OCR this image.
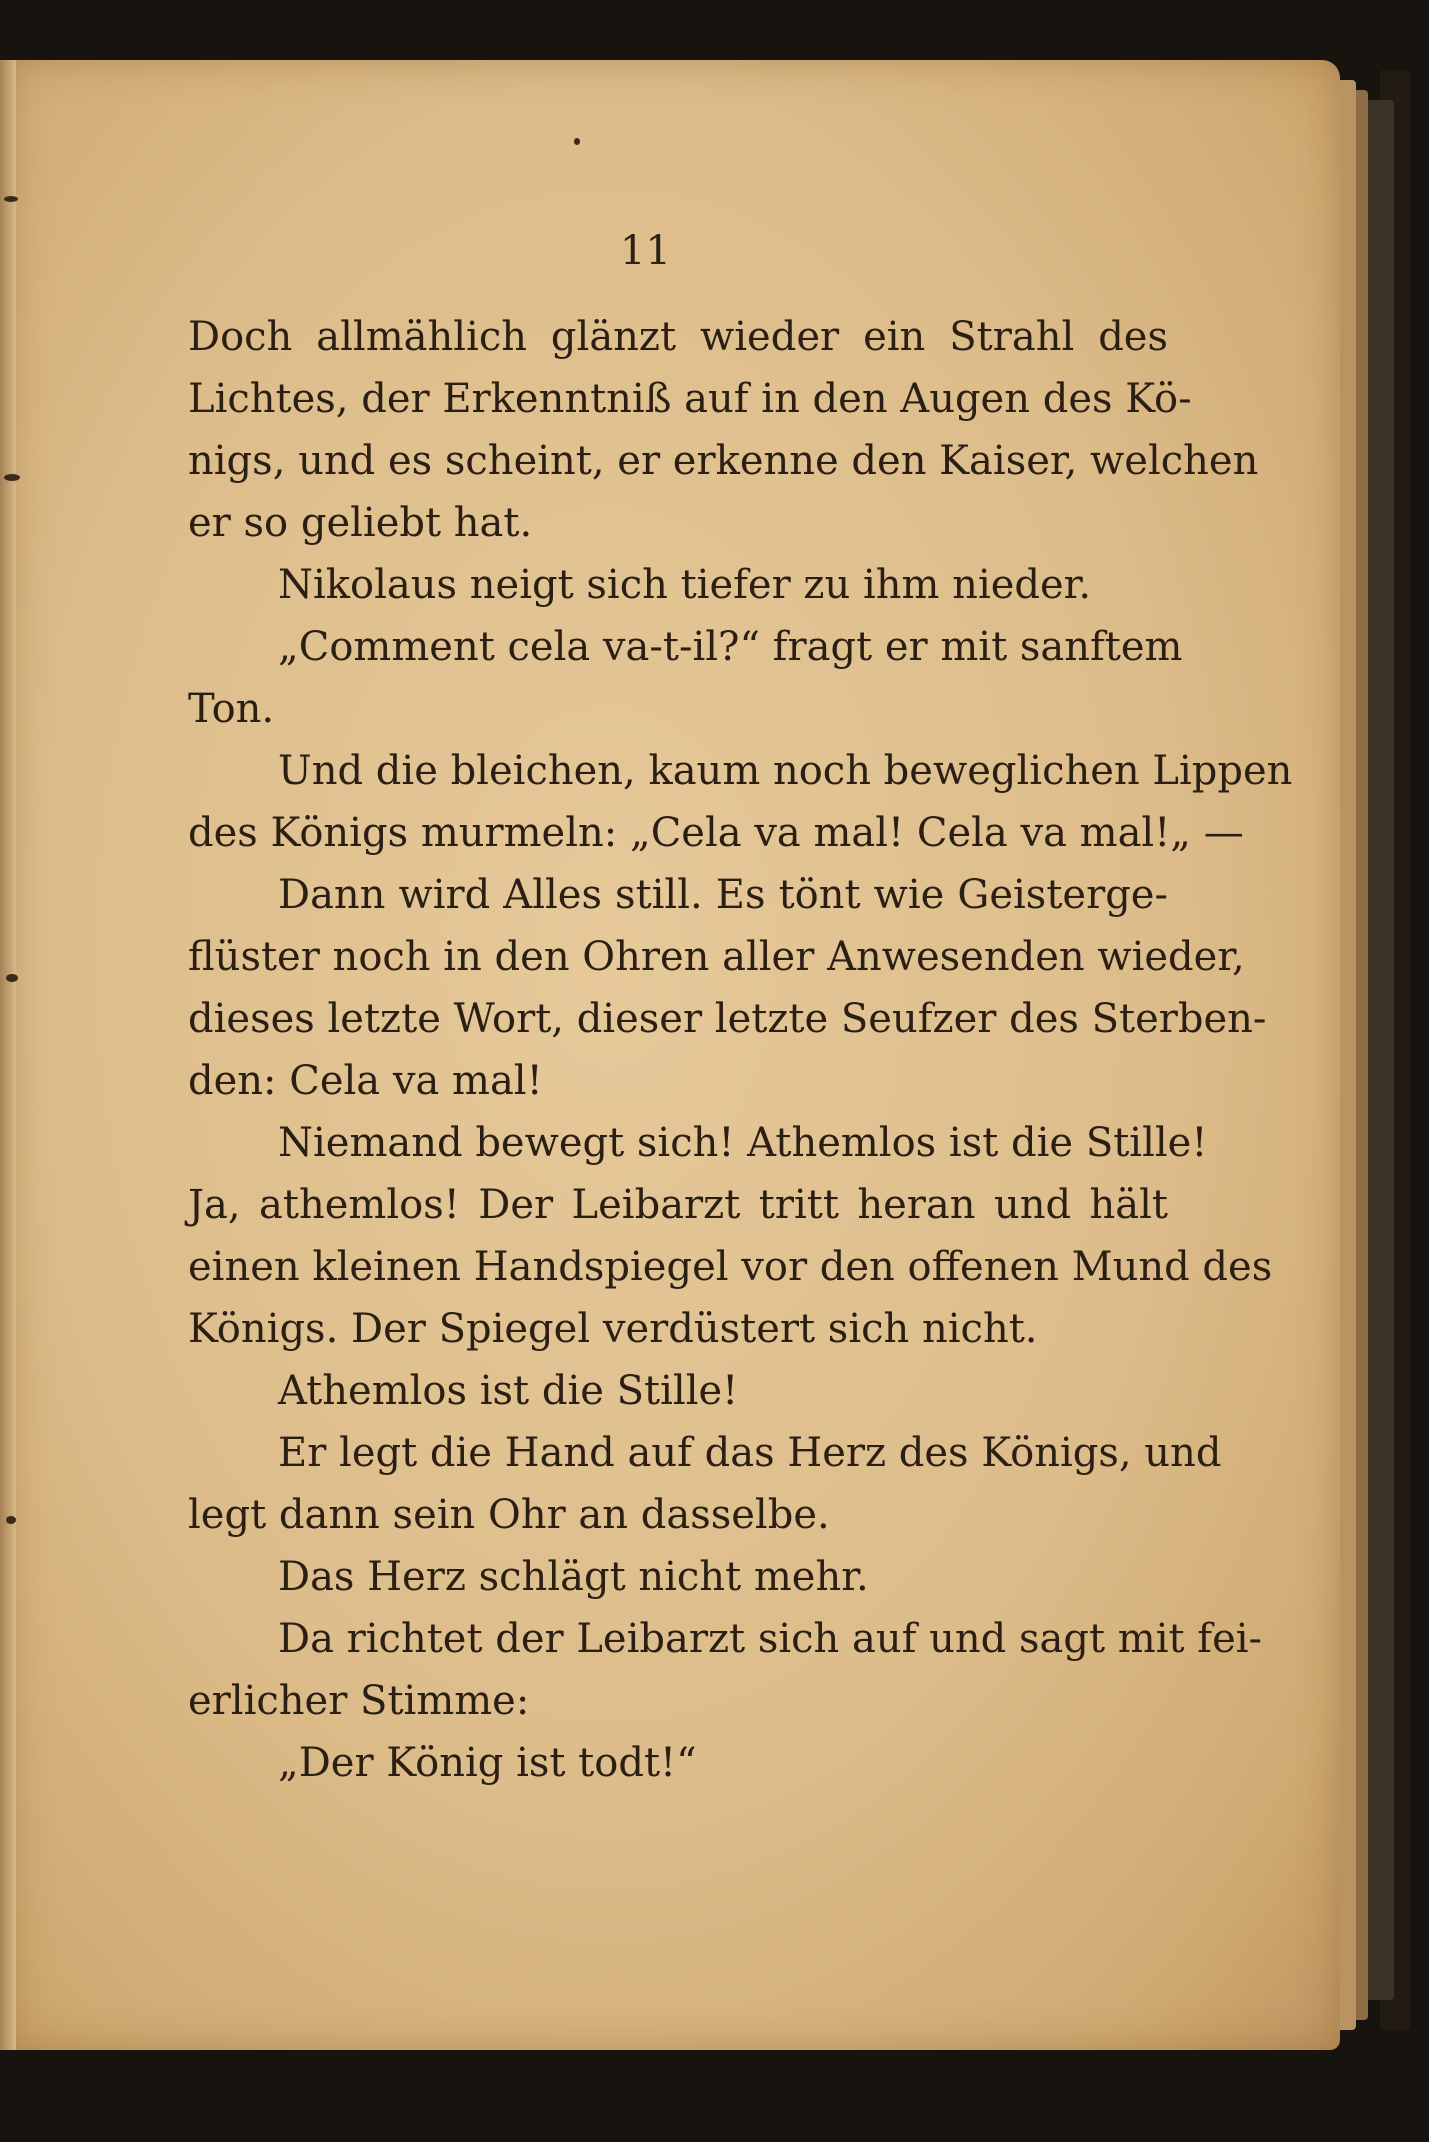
11
Doch allmählich glänzt wieder ein Strahl des
Lichtes, der Erkenntniß auf in den Augen des Kö-
nigs, und es scheint, er erkenne den Kaiser, welchen
er so geliebt hat.
Nikolaus neigt sich tiefer zu ihm nieder.
„Comment cela va-t-il?“ fragt er mit sanftem
Ton.
Und die bleichen, kaum noch beweglichen Lippen
des Königs murmeln: „Cela va mal! Cela va mal!„ —
Dann wird Alles still. Es tönt wie Geisterge-
flüster noch in den Ohren aller Anwesenden wieder,
dieses letzte Wort, dieser letzte Seufzer des Sterben-
den: Cela va mal!
Niemand bewegt sich! Athemlos ist die Stille!
Ja, athemlos! Der Leibarzt tritt heran und hält
einen kleinen Handspiegel vor den offenen Mund des
Königs. Der Spiegel verdüstert sich nicht.
Athemlos ist die Stille!
Er legt die Hand auf das Herz des Königs, und
legt dann sein Ohr an dasselbe.
Das Herz schlägt nicht mehr.
Da richtet der Leibarzt sich auf und sagt mit fei-
erlicher Stimme:
„Der König ist todt!“
